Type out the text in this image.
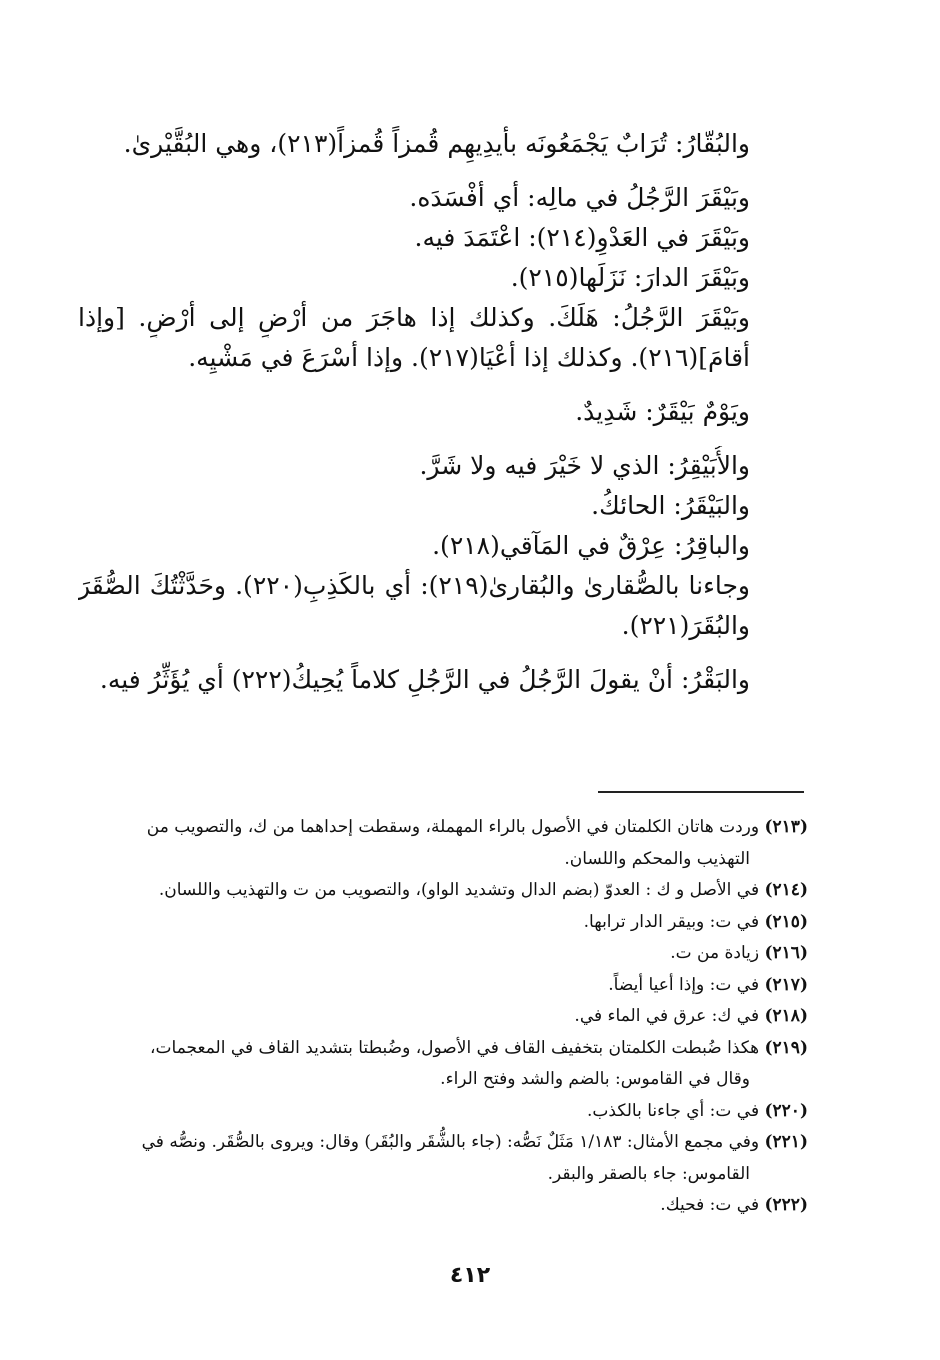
والبُقّارُ: تُرَابٌ يَجْمَعُونَه بأيدِيهِم قُمزاً قُمزاً(٢١٣)، وهي البُقَّيْرىٰ.

وبَيْقَرَ الرَّجُلُ في مالِه: أي أفْسَدَه.

وبَيْقَرَ في العَدْوِ(٢١٤): اعْتَمَدَ فيه.

وبَيْقَرَ الدارَ: نَزَلَها(٢١٥).

وبَيْقَرَ الرَّجُلُ: هَلَكَ. وكذلك إذا هاجَرَ من أرْضٍ إلى أرْضٍ. [وإذا
أقامَ](٢١٦). وكذلك إذا أعْيَا(٢١٧). وإذا أسْرَعَ في مَشْيِه.

ويَوْمٌ بَيْقَرٌ: شَدِيدٌ.

والأُبَيْقِرُ: الذي لا خَيْرَ فيه ولا شَرَّ.

والبَيْقَرُ: الحائكُ.

والباقِرُ: عِرْقٌ في المَآقي(٢١٨).

وجاءنا بالصُّقارىٰ والبُقارىٰ(٢١٩): أي بالكَذِبِ(٢٢٠). وحَدَّثْتُكَ الصُّقَرَ
والبُقَرَ(٢٢١).

والبَقْرُ: أنْ يقولَ الرَّجُلُ في الرَّجُلِ كلاماً يُحِيكُ(٢٢٢) أي يُؤَثِّرُ فيه.

(٢١٣) وردت هاتان الكلمتان في الأصول بالراء المهملة، وسقطت إحداهما من ك، والتصويب من
التهذيب والمحكم واللسان.

(٢١٤) في الأصل و ك : العدوّ (بضم الدال وتشديد الواو)، والتصويب من ت والتهذيب واللسان.

(٢١٥) في ت: وبيقر الدار ترابها.

(٢١٦) زيادة من ت.

(٢١٧) في ت: وإذا أعيا أيضاً.

(٢١٨) في ك: عرق في الماء في.

(٢١٩) هكذا ضُبطت الكلمتان بتخفيف القاف في الأصول، وضُبطتا بتشديد القاف في المعجمات،
وقال في القاموس: بالضم والشد وفتح الراء.

(٢٢٠) في ت: أي جاءنا بالكذب.

(٢٢١) وفي مجمع الأمثال: ١/١٨٣ مَثَلٌ نَصُّه: (جاء بالشُّقَر والبُقَر) وقال: ويروى بالصُّقَر. ونصُّه في
القاموس: جاء بالصقر والبقر.

(٢٢٢) في ت: فحيك.

٤١٢
